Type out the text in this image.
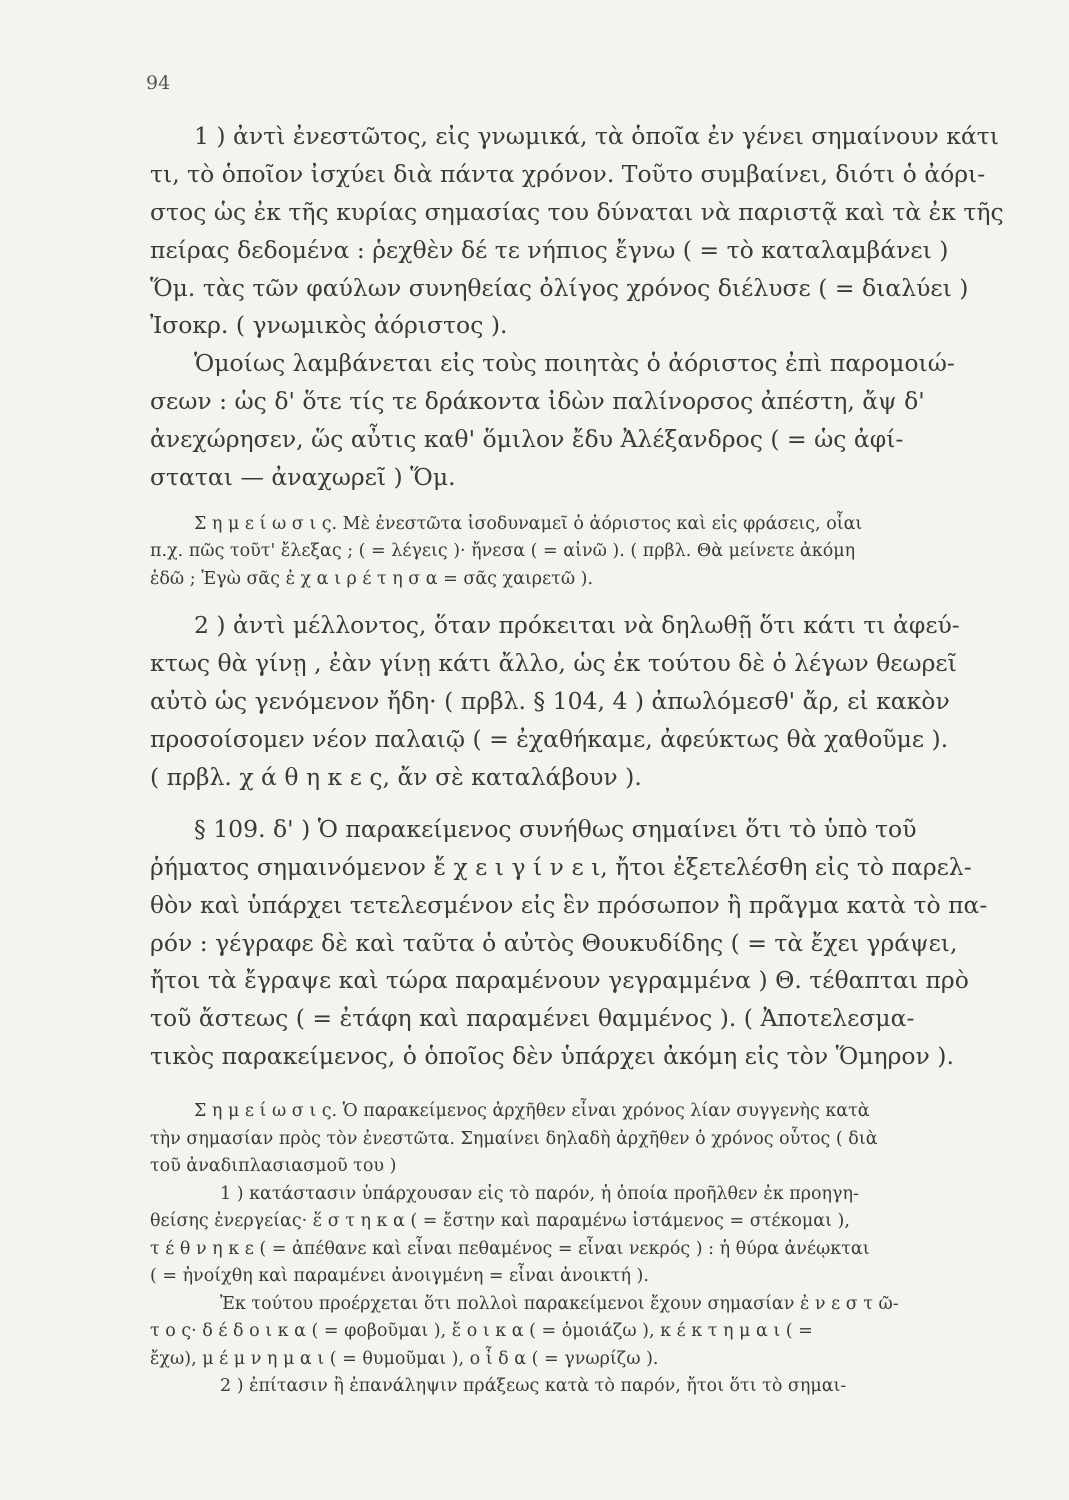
94
1 ) ἀντὶ ἐνεστῶτος, εἰς γνωμικά, τὰ ὁποῖα ἐν γένει σημαίνουν κάτι
τι, τὸ ὁποῖον ἰσχύει διὰ πάντα χρόνον. Τοῦτο συμβαίνει, διότι ὁ ἀόρι-
στος ὡς ἐκ τῆς κυρίας σημασίας του δύναται νὰ παριστᾷ καὶ τὰ ἐκ τῆς
πείρας δεδομένα : ῥεχθὲν δέ τε νήπιος ἔγνω ( = τὸ καταλαμβάνει )
Ὅμ. τὰς τῶν φαύλων συνηθείας ὀλίγος χρόνος διέλυσε ( = διαλύει )
Ἰσοκρ. ( γνωμικὸς ἀόριστος ).
Ὁμοίως λαμβάνεται εἰς τοὺς ποιητὰς ὁ ἀόριστος ἐπὶ παρομοιώ-
σεων : ὡς δ' ὅτε τίς τε δράκοντα ἰδὼν παλίνορσος ἀπέστη, ἄψ δ'
ἀνεχώρησεν, ὥς αὖτις καθ' ὅμιλον ἔδυ Ἀλέξανδρος ( = ὡς ἀφί-
σταται — ἀναχωρεῖ ) Ὅμ.
Σ η μ ε ί ω σ ι ς. Μὲ ἐνεστῶτα ἰσοδυναμεῖ ὁ ἀόριστος καὶ εἰς φράσεις, οἷαι
π.χ. πῶς τοῦτ' ἔλεξας ; ( = λέγεις )· ἤνεσα ( = αἰνῶ ). ( πρβλ. Θὰ μείνετε ἀκόμη
ἐδῶ ; Ἐγὼ σᾶς ἐ χ α ι ρ έ τ η σ α = σᾶς χαιρετῶ ).
2 ) ἀντὶ μέλλοντος, ὅταν πρόκειται νὰ δηλωθῇ ὅτι κάτι τι ἀφεύ-
κτως θὰ γίνῃ , ἐὰν γίνῃ κάτι ἄλλο, ὡς ἐκ τούτου δὲ ὁ λέγων θεωρεῖ
αὐτὸ ὡς γενόμενον ἤδη· ( πρβλ. § 104, 4 ) ἀπωλόμεσθ' ἄρ, εἰ κακὸν
προσοίσομεν νέον παλαιῷ ( = ἐχαθήκαμε, ἀφεύκτως θὰ χαθοῦμε ).
( πρβλ. χ ά θ η κ ε ς, ἄν σὲ καταλάβουν ).
§ 109. δ' ) Ὁ παρακείμενος συνήθως σημαίνει ὅτι τὸ ὑπὸ τοῦ
ῥήματος σημαινόμενον ἔ χ ε ι γ ί ν ε ι, ἤτοι ἐξετελέσθη εἰς τὸ παρελ-
θὸν καὶ ὑπάρχει τετελεσμένον εἰς ἓν πρόσωπον ἢ πρᾶγμα κατὰ τὸ πα-
ρόν : γέγραφε δὲ καὶ ταῦτα ὁ αὐτὸς Θουκυδίδης ( = τὰ ἔχει γράψει,
ἤτοι τὰ ἔγραψε καὶ τώρα παραμένουν γεγραμμένα ) Θ. τέθαπται πρὸ
τοῦ ἄστεως ( = ἐτάφη καὶ παραμένει θαμμένος ). ( Ἀποτελεσμα-
τικὸς παρακείμενος, ὁ ὁποῖος δὲν ὑπάρχει ἀκόμη εἰς τὸν Ὅμηρον ).
Σ η μ ε ί ω σ ι ς. Ὁ παρακείμενος ἀρχῆθεν εἶναι χρόνος λίαν συγγενὴς κατὰ
τὴν σημασίαν πρὸς τὸν ἐνεστῶτα. Σημαίνει δηλαδὴ ἀρχῆθεν ὁ χρόνος οὗτος ( διὰ
τοῦ ἀναδιπλασιασμοῦ του )
1 ) κατάστασιν ὑπάρχουσαν εἰς τὸ παρόν, ἡ ὁποία προῆλθεν ἐκ προηγη-
θείσης ἐνεργείας· ἕ σ τ η κ α ( = ἔστην καὶ παραμένω ἱστάμενος = στέκομαι ),
τ έ θ ν η κ ε ( = ἀπέθανε καὶ εἶναι πεθαμένος = εἶναι νεκρός ) : ἡ θύρα ἀνέῳκται
( = ἠνοίχθη καὶ παραμένει ἀνοιγμένη = εἶναι ἀνοικτή ).
Ἐκ τούτου προέρχεται ὅτι πολλοὶ παρακείμενοι ἔχουν σημασίαν ἐ ν ε σ τ ῶ-
τ ο ς· δ έ δ ο ι κ α ( = φοβοῦμαι ), ἔ ο ι κ α ( = ὁμοιάζω ), κ έ κ τ η μ α ι ( =
ἔχω), μ έ μ ν η μ α ι ( = θυμοῦμαι ), ο ἶ δ α ( = γνωρίζω ).
2 ) ἐπίτασιν ἢ ἐπανάληψιν πράξεως κατὰ τὸ παρόν, ἤτοι ὅτι τὸ σημαι-
